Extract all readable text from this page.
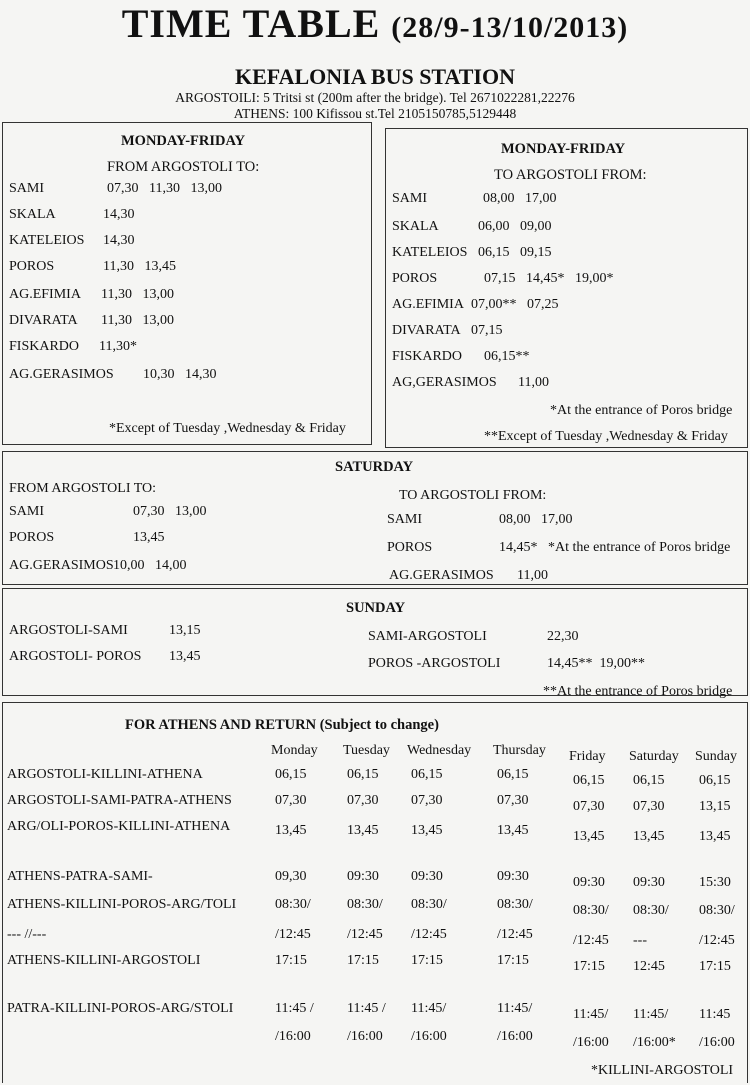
TIME TABLE (28/9-13/10/2013)
KEFALONIA BUS STATION
ARGOSTOILI: 5 Tritsi st (200m after the bridge). Tel 2671022281,22276
ATHENS: 100 Kifissou st.Tel 2105150785,5129448
MONDAY-FRIDAY
FROM ARGOSTOLI TO:
SAMI	07,30   11,30   13,00
SKALA	14,30
KATELEIOS 14,30
POROS	11,30   13,45
AG.EFIMIA 11,30   13,00
DIVARATA 11,30   13,00
FISKARDO 11,30*
AG.GERASIMOS 10,30   14,30
*Except of Tuesday ,Wednesday & Friday
MONDAY-FRIDAY
TO ARGOSTOLI FROM:
SAMI	08,00   17,00
SKALA	06,00   09,00
KATELEIOS 06,15   09,15
POROS	07,15   14,45*   19,00*
AG.EFIMIA 07,00**   07,25
DIVARATA 07,15
FISKARDO 06,15**
AG,GERASIMOS 11,00
*At the entrance of Poros bridge
**Except of Tuesday ,Wednesday & Friday
SATURDAY
FROM ARGOSTOLI TO:	TO ARGOSTOLI FROM:
SAMI	07,30   13,00
POROS	13,45
AG.GERASIMOS 10,00   14,00
SAMI	08,00   17,00
POROS	14,45*   *At the entrance of Poros bridge
AG.GERASIMOS 11,00
SUNDAY
ARGOSTOLI-SAMI	13,15
ARGOSTOLI- POROS 13,45
SAMI-ARGOSTOLI	22,30
POROS -ARGOSTOLI	14,45**  19,00**
**At the entrance of Poros bridge
FOR ATHENS AND RETURN (Subject to change)
Monday Tuesday Wednesday Thursday Friday Saturday Sunday
ARGOSTOLI-KILLINI-ATHENA	06,15	06,15 06,15	06,15	06,15 06,15 06,15
ARGOSTOLI-SAMI-PATRA-ATHENS	07,30	07,30 07,30	07,30	07,30 07,30 13,15
ARG/OLI-POROS-KILLINI-ATHENA	13,45	13,45 13,45	13,45	13,45 13,45 13,45
ATHENS-PATRA-SAMI-	09,30	09:30 09:30	09:30	09:30 09:30 15:30
ATHENS-KILLINI-POROS-ARG/TOLI	08:30/	08:30/ 08:30/	08:30/	08:30/ 08:30/ 08:30/
--- //---	/12:45	/12:45 /12:45	/12:45	/12:45 ---	/12:45
ATHENS-KILLINI-ARGOSTOLI	17:15	17:15 17:15	17:15	17:15 12:45 17:15
PATRA-KILLINI-POROS-ARG/STOLI	11:45 / 11:45 / 11:45/	11:45/	11:45/ 11:45/ 11:45
/16:00	/16:00 /16:00	/16:00	/16:00 /16:00* /16:00
*KILLINI-ARGOSTOLI
